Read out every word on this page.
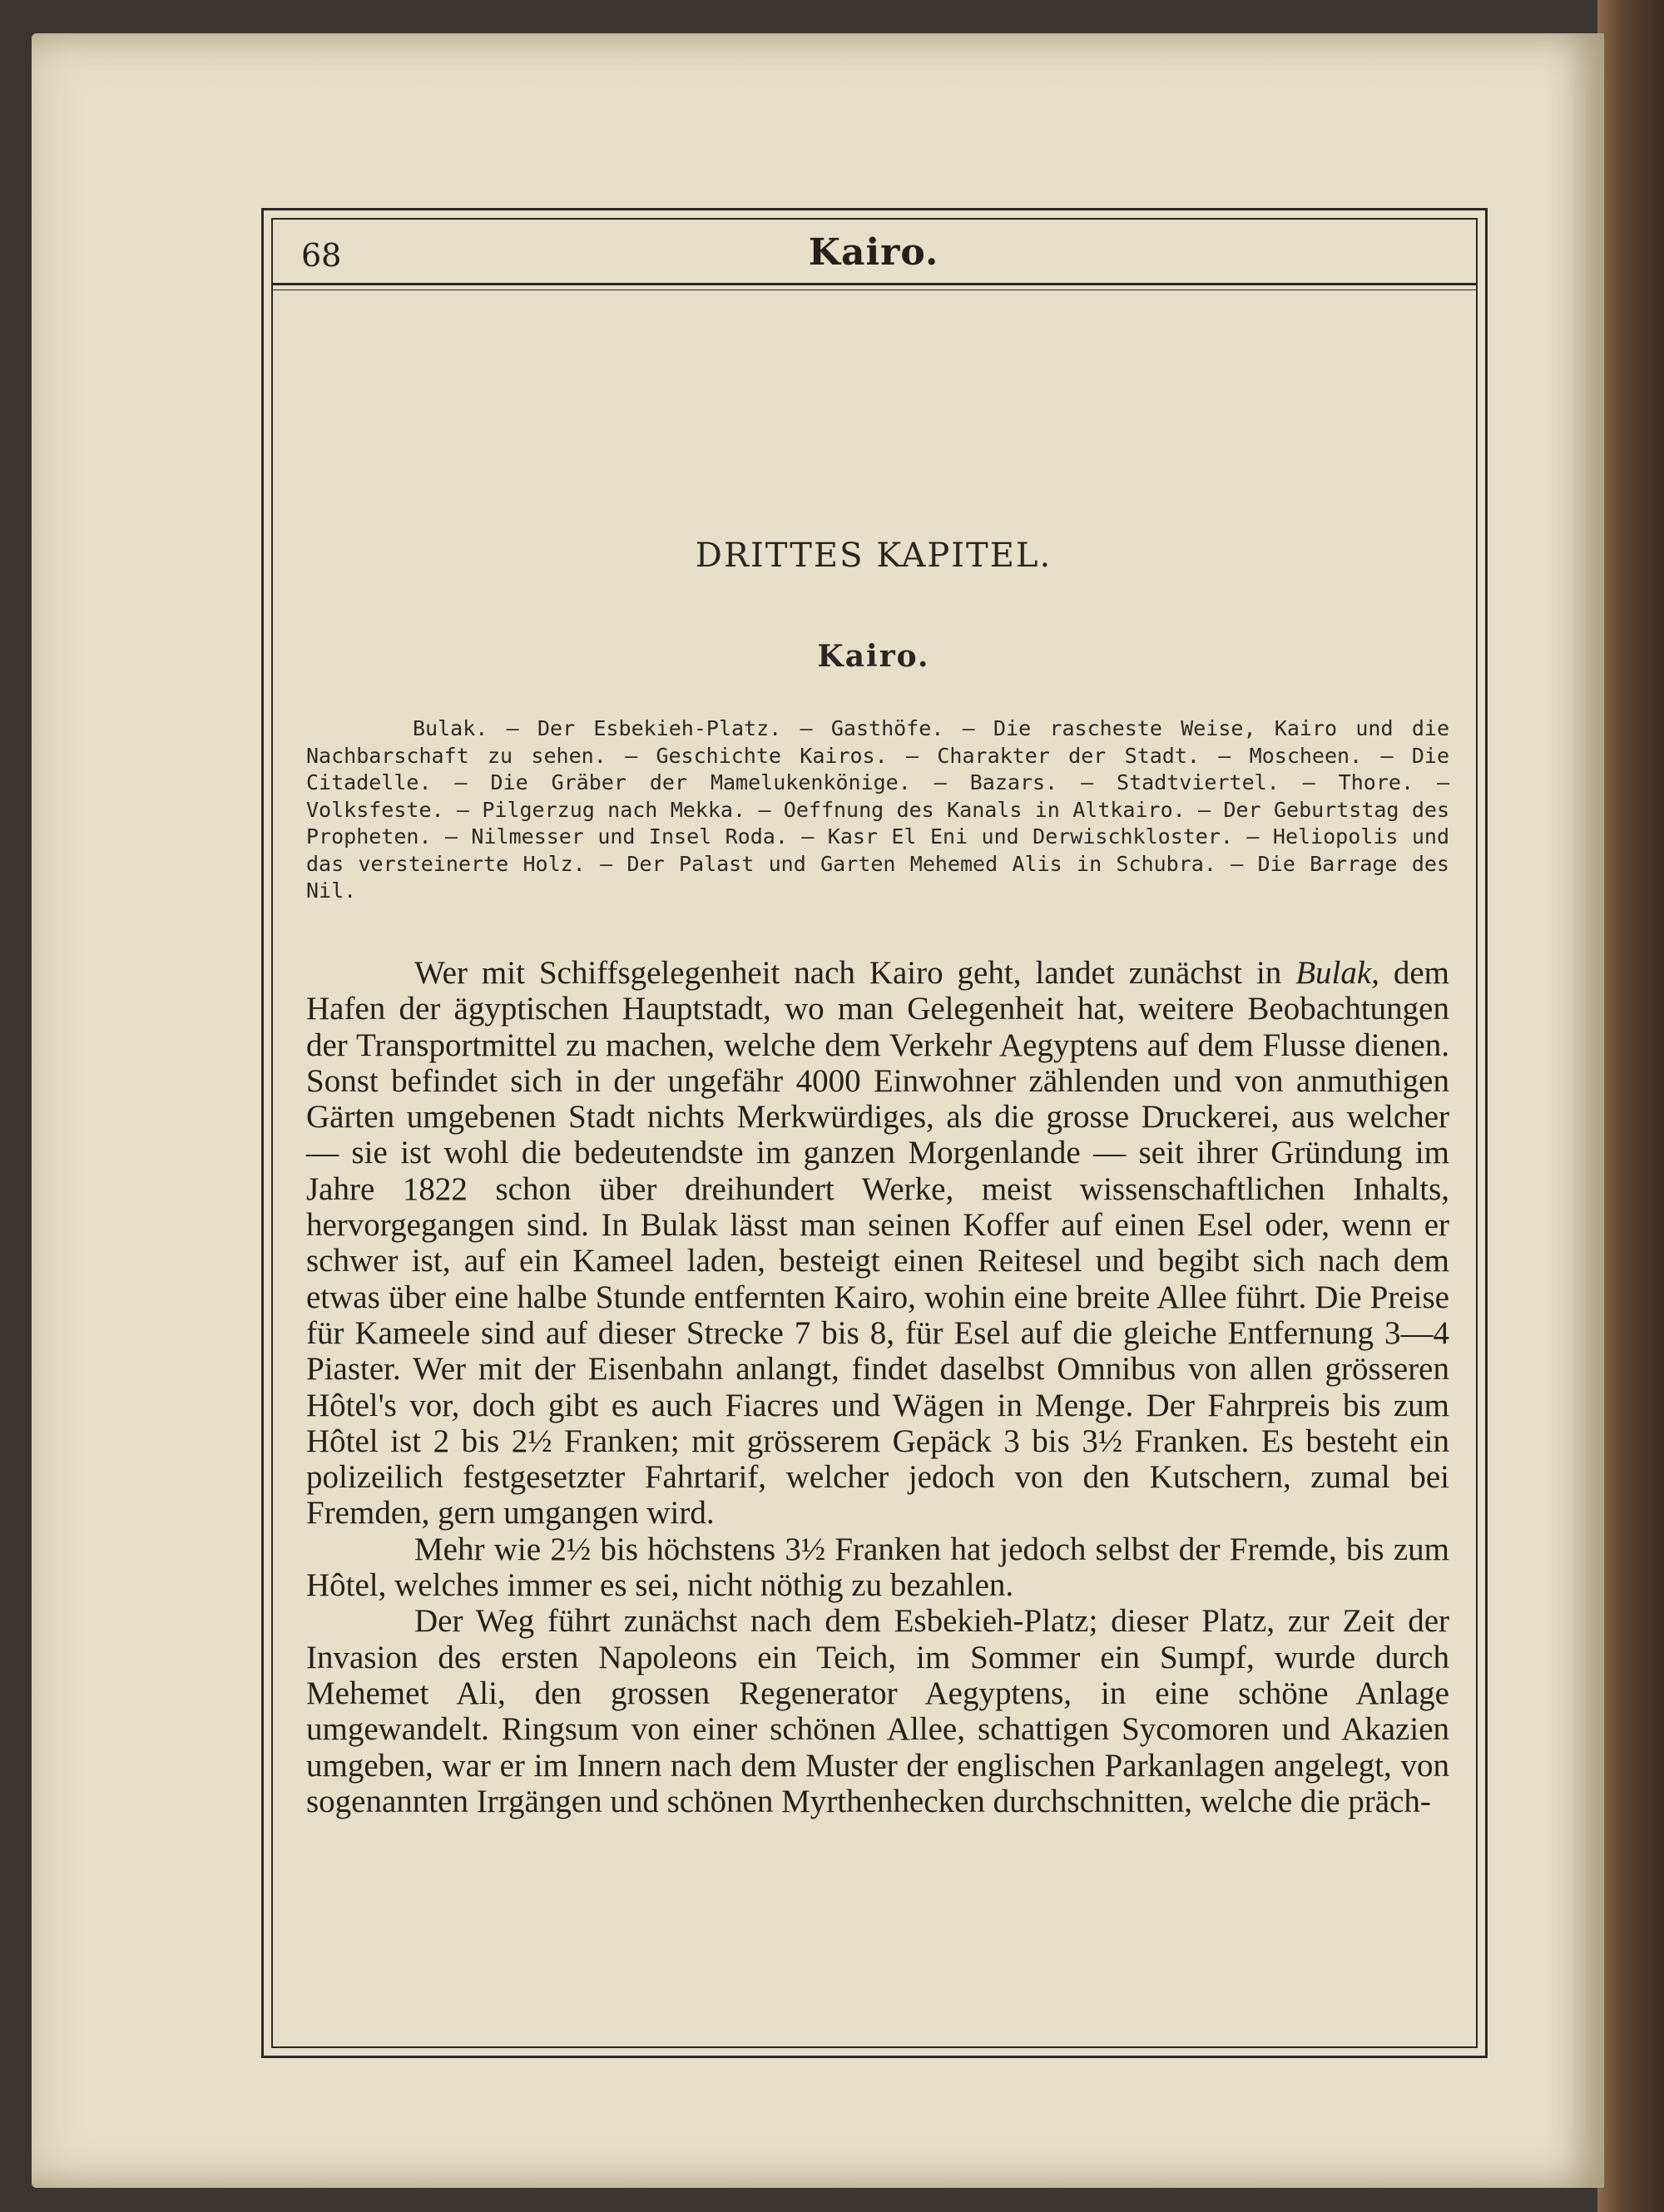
68	Kairo.
DRITTES KAPITEL.
Kairo.
Bulak. — Der Esbekieh-Platz. — Gasthöfe. — Die rascheste Weise, Kairo und die Nachbarschaft zu sehen. — Geschichte Kairos. — Charakter der Stadt. — Moscheen. — Die Citadelle. — Die Gräber der Mamelukenkönige. — Bazars. — Stadtviertel. — Thore. — Volksfeste. — Pilgerzug nach Mekka. — Oeffnung des Kanals in Altkairo. — Der Geburtstag des Propheten. — Nilmesser und Insel Roda. — Kasr El Eni und Derwischkloster. — Heliopolis und das versteinerte Holz. — Der Palast und Garten Mehemed Alis in Schubra. — Die Barrage des Nil.

Wer mit Schiffsgelegenheit nach Kairo geht, landet zunächst in Bulak, dem Hafen der ägyptischen Hauptstadt, wo man Gelegenheit hat, weitere Beobachtungen der Transportmittel zu machen, welche dem Verkehr Aegyptens auf dem Flusse dienen. Sonst befindet sich in der ungefähr 4000 Einwohner zählenden und von anmuthigen Gärten umgebenen Stadt nichts Merkwürdiges, als die grosse Druckerei, aus welcher — sie ist wohl die bedeutendste im ganzen Morgenlande — seit ihrer Gründung im Jahre 1822 schon über dreihundert Werke, meist wissenschaftlichen Inhalts, hervorgegangen sind. In Bulak lässt man seinen Koffer auf einen Esel oder, wenn er schwer ist, auf ein Kameel laden, besteigt einen Reitesel und begibt sich nach dem etwas über eine halbe Stunde entfernten Kairo, wohin eine breite Allee führt. Die Preise für Kameele sind auf dieser Strecke 7 bis 8, für Esel auf die gleiche Entfernung 3—4 Piaster. Wer mit der Eisenbahn anlangt, findet daselbst Omnibus von allen grösseren Hôtel's vor, doch gibt es auch Fiacres und Wägen in Menge. Der Fahrpreis bis zum Hôtel ist 2 bis 2½ Franken; mit grösserem Gepäck 3 bis 3½ Franken. Es besteht ein polizeilich festgesetzter Fahrtarif, welcher jedoch von den Kutschern, zumal bei Fremden, gern umgangen wird.

Mehr wie 2½ bis höchstens 3½ Franken hat jedoch selbst der Fremde, bis zum Hôtel, welches immer es sei, nicht nöthig zu bezahlen.

Der Weg führt zunächst nach dem Esbekieh-Platz; dieser Platz, zur Zeit der Invasion des ersten Napoleons ein Teich, im Sommer ein Sumpf, wurde durch Mehemet Ali, den grossen Regenerator Aegyptens, in eine schöne Anlage umgewandelt. Ringsum von einer schönen Allee, schattigen Sycomoren und Akazien umgeben, war er im Innern nach dem Muster der englischen Parkanlagen angelegt, von sogenannten Irrgängen und schönen Myrthenhecken durchschnitten, welche die präch-
